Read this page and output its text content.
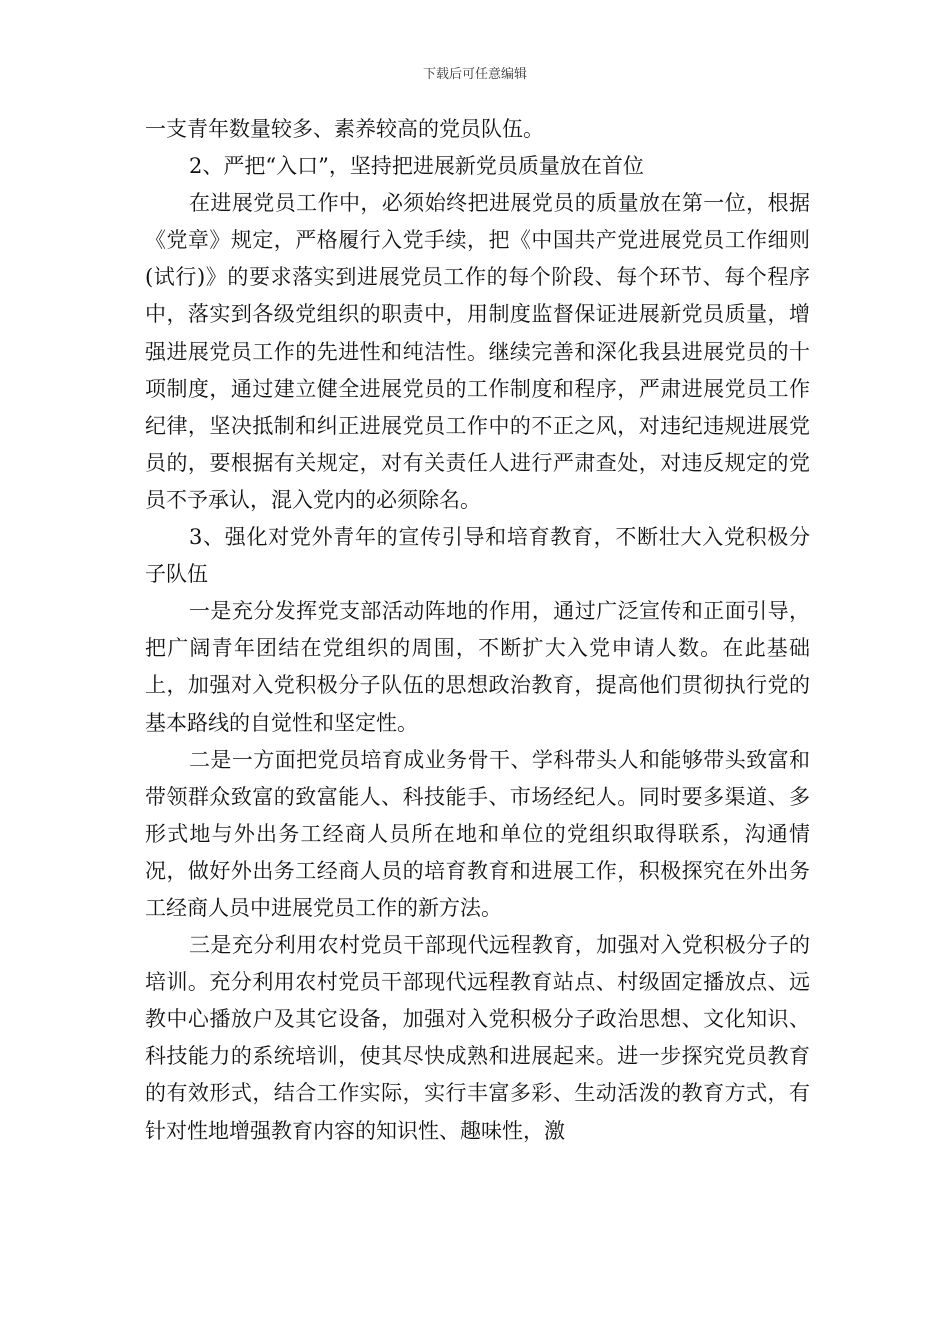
下载后可任意编辑

一支青年数量较多、素养较高的党员队伍。

2、严把“入口”，坚持把进展新党员质量放在首位

在进展党员工作中，必须始终把进展党员的质量放在第一位，根据《党章》规定，严格履行入党手续，把《中国共产党进展党员工作细则(试行)》的要求落实到进展党员工作的每个阶段、每个环节、每个程序中，落实到各级党组织的职责中，用制度监督保证进展新党员质量，增强进展党员工作的先进性和纯洁性。继续完善和深化我县进展党员的十项制度，通过建立健全进展党员的工作制度和程序，严肃进展党员工作纪律，坚决抵制和纠正进展党员工作中的不正之风，对违纪违规进展党员的，要根据有关规定，对有关责任人进行严肃查处，对违反规定的党员不予承认，混入党内的必须除名。

3、强化对党外青年的宣传引导和培育教育，不断壮大入党积极分子队伍

一是充分发挥党支部活动阵地的作用，通过广泛宣传和正面引导，把广阔青年团结在党组织的周围，不断扩大入党申请人数。在此基础上，加强对入党积极分子队伍的思想政治教育，提高他们贯彻执行党的基本路线的自觉性和坚定性。

二是一方面把党员培育成业务骨干、学科带头人和能够带头致富和带领群众致富的致富能人、科技能手、市场经纪人。同时要多渠道、多形式地与外出务工经商人员所在地和单位的党组织取得联系，沟通情况，做好外出务工经商人员的培育教育和进展工作，积极探究在外出务工经商人员中进展党员工作的新方法。

三是充分利用农村党员干部现代远程教育，加强对入党积极分子的培训。充分利用农村党员干部现代远程教育站点、村级固定播放点、远教中心播放户及其它设备，加强对入党积极分子政治思想、文化知识、科技能力的系统培训，使其尽快成熟和进展起来。进一步探究党员教育的有效形式，结合工作实际，实行丰富多彩、生动活泼的教育方式，有针对性地增强教育内容的知识性、趣味性，激
